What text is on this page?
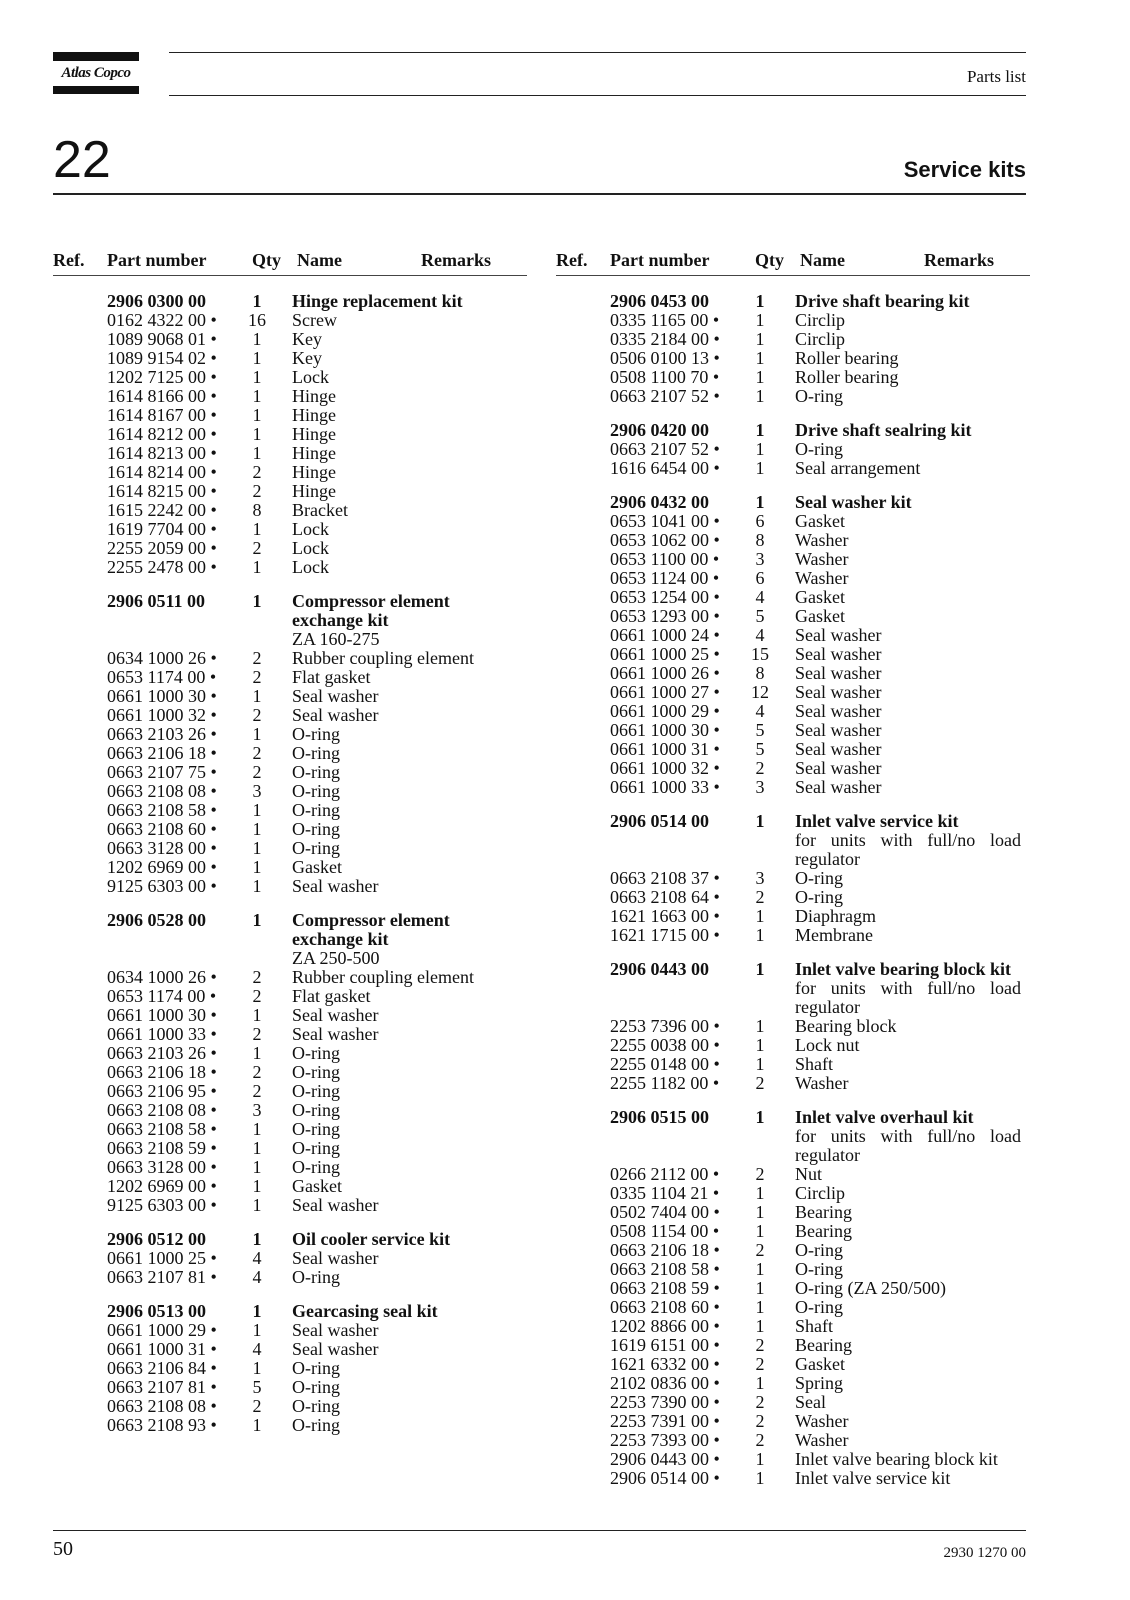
Atlas Copco	Parts list
22	Service kits
Ref. Part number	Qty Name	Remarks
2906 0300 00	1	Hinge replacement kit
0162 4322 00 • 16 Screw
1089 9068 01 •	1	Key
1089 9154 02 •	1	Key
1202 7125 00 •	1	Lock
1614 8166 00 •	1	Hinge
1614 8167 00 •	1	Hinge
1614 8212 00 •	1	Hinge
1614 8213 00 •	1	Hinge
1614 8214 00 •	2	Hinge
1614 8215 00 •	2	Hinge
1615 2242 00 •	8	Bracket
1619 7704 00 •	1	Lock
2255 2059 00 •	2	Lock
2255 2478 00 •	1	Lock
2906 0511 00	1	Compressor element
exchange kit
ZA 160-275
0634 1000 26 •	2	Rubber coupling element
0653 1174 00 •	2	Flat gasket
0661 1000 30 •	1	Seal washer
0661 1000 32 •	2	Seal washer
0663 2103 26 •	1	O-ring
0663 2106 18 •	2	O-ring
0663 2107 75 •	2	O-ring
0663 2108 08 •	3	O-ring
0663 2108 58 •	1	O-ring
0663 2108 60 •	1	O-ring
0663 3128 00 •	1	O-ring
1202 6969 00 •	1	Gasket
9125 6303 00 •	1	Seal washer
2906 0528 00	1	Compressor element
exchange kit
ZA 250-500
0634 1000 26 •	2	Rubber coupling element
0653 1174 00 •	2	Flat gasket
0661 1000 30 •	1	Seal washer
0661 1000 33 •	2	Seal washer
0663 2103 26 •	1	O-ring
0663 2106 18 •	2	O-ring
0663 2106 95 •	2	O-ring
0663 2108 08 •	3	O-ring
0663 2108 58 •	1	O-ring
0663 2108 59 •	1	O-ring
0663 3128 00 •	1	O-ring
1202 6969 00 •	1	Gasket
9125 6303 00 •	1	Seal washer
2906 0512 00	1	Oil cooler service kit
0661 1000 25 •	4	Seal washer
0663 2107 81 •	4	O-ring
2906 0513 00	1	Gearcasing seal kit
0661 1000 29 •	1	Seal washer
0661 1000 31 •	4	Seal washer
0663 2106 84 •	1	O-ring
0663 2107 81 •	5	O-ring
0663 2108 08 •	2	O-ring
0663 2108 93 •	1	O-ring
Ref. Part number	Qty Name	Remarks
2906 0453 00	1	Drive shaft bearing kit
0335 1165 00 •	1	Circlip
0335 2184 00 •	1	Circlip
0506 0100 13 •	1	Roller bearing
0508 1100 70 •	1	Roller bearing
0663 2107 52 •	1	O-ring
2906 0420 00	1	Drive shaft sealring kit
0663 2107 52 •	1	O-ring
1616 6454 00 •	1	Seal arrangement
2906 0432 00	1	Seal washer kit
0653 1041 00 •	6	Gasket
0653 1062 00 •	8	Washer
0653 1100 00 •	3	Washer
0653 1124 00 •	6	Washer
0653 1254 00 •	4	Gasket
0653 1293 00 •	5	Gasket
0661 1000 24 •	4	Seal washer
0661 1000 25 • 15 Seal washer
0661 1000 26 •	8	Seal washer
0661 1000 27 • 12 Seal washer
0661 1000 29 •	4	Seal washer
0661 1000 30 •	5	Seal washer
0661 1000 31 •	5	Seal washer
0661 1000 32 •	2	Seal washer
0661 1000 33 •	3	Seal washer
2906 0514 00	1	Inlet valve service kit
for units with full/no load regulator
0663 2108 37 •	3	O-ring
0663 2108 64 •	2	O-ring
1621 1663 00 •	1	Diaphragm
1621 1715 00 •	1	Membrane
2906 0443 00	1	Inlet valve bearing block kit
for units with full/no load regulator
2253 7396 00 •	1	Bearing block
2255 0038 00 •	1	Lock nut
2255 0148 00 •	1	Shaft
2255 1182 00 •	2	Washer
2906 0515 00	1	Inlet valve overhaul kit
for units with full/no load regulator
0266 2112 00 •	2	Nut
0335 1104 21 •	1	Circlip
0502 7404 00 •	1	Bearing
0508 1154 00 •	1	Bearing
0663 2106 18 •	2	O-ring
0663 2108 58 •	1	O-ring
0663 2108 59 •	1	O-ring (ZA 250/500)
0663 2108 60 •	1	O-ring
1202 8866 00 •	1	Shaft
1619 6151 00 •	2	Bearing
1621 6332 00 •	2	Gasket
2102 0836 00 •	1	Spring
2253 7390 00 •	2	Seal
2253 7391 00 •	2	Washer
2253 7393 00 •	2	Washer
2906 0443 00 •	1	Inlet valve bearing block kit
2906 0514 00 •	1	Inlet valve service kit
50	2930 1270 00
